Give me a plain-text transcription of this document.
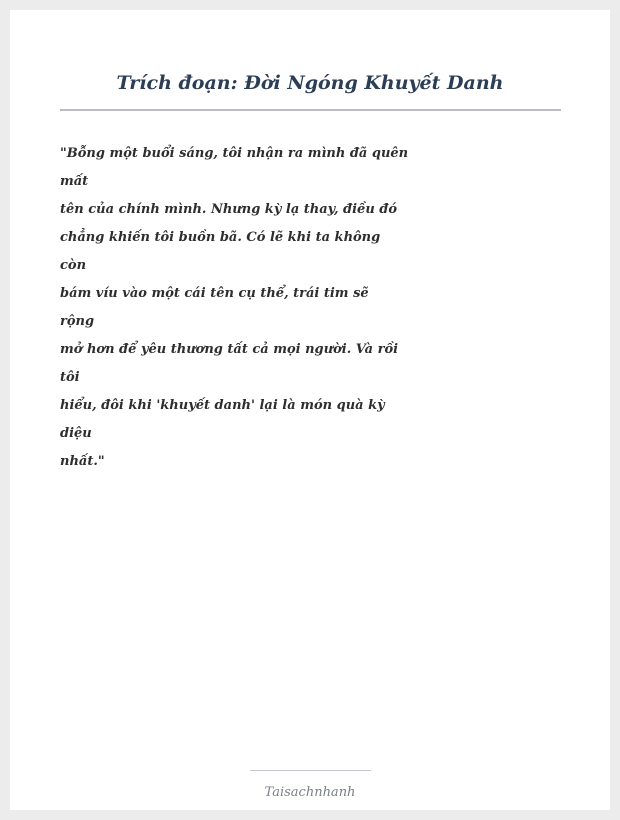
Trích đoạn: Đời Ngóng Khuyết Danh
"Bỗng một buổi sáng, tôi nhận ra mình đã quên
mất
tên của chính mình. Nhưng kỳ lạ thay, điều đó
chẳng khiến tôi buồn bã. Có lẽ khi ta không
còn
bám víu vào một cái tên cụ thể, trái tim sẽ
rộng
mở hơn để yêu thương tất cả mọi người. Và rồi
tôi
hiểu, đôi khi 'khuyết danh' lại là món quà kỳ
diệu
nhất."
Taisachnhanh
